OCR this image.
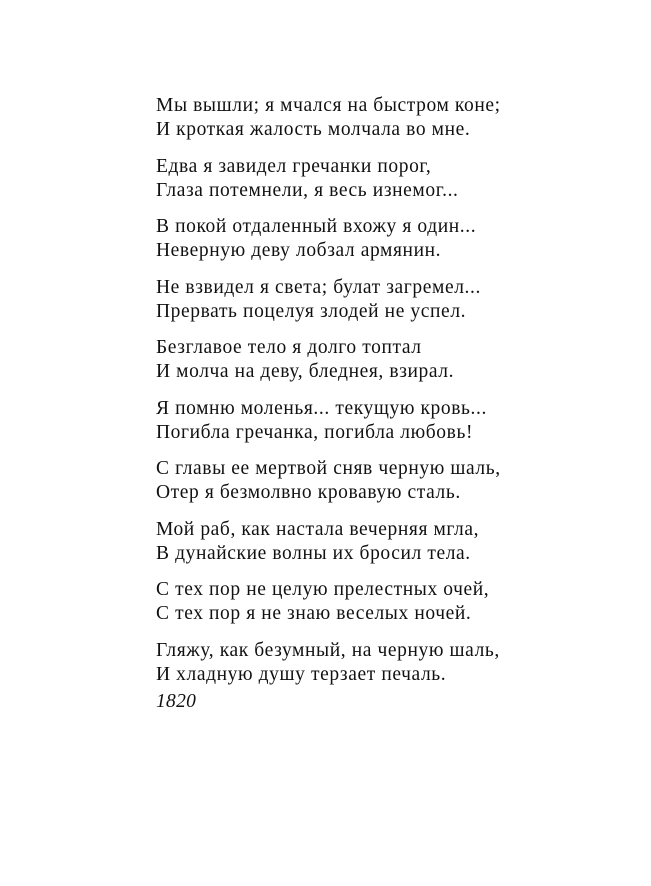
Мы вышли; я мчался на быстром коне;
И кроткая жалость молчала во мне.
Едва я завидел гречанки порог,
Глаза потемнели, я весь изнемог...
В покой отдаленный вхожу я один...
Неверную деву лобзал армянин.
Не взвидел я света; булат загремел...
Прервать поцелуя злодей не успел.
Безглавое тело я долго топтал
И молча на деву, бледнея, взирал.
Я помню моленья... текущую кровь...
Погибла гречанка, погибла любовь!
С главы ее мертвой сняв черную шаль,
Отер я безмолвно кровавую сталь.
Мой раб, как настала вечерняя мгла,
В дунайские волны их бросил тела.
С тех пор не целую прелестных очей,
С тех пор я не знаю веселых ночей.
Гляжу, как безумный, на черную шаль,
И хладную душу терзает печаль.
1820
